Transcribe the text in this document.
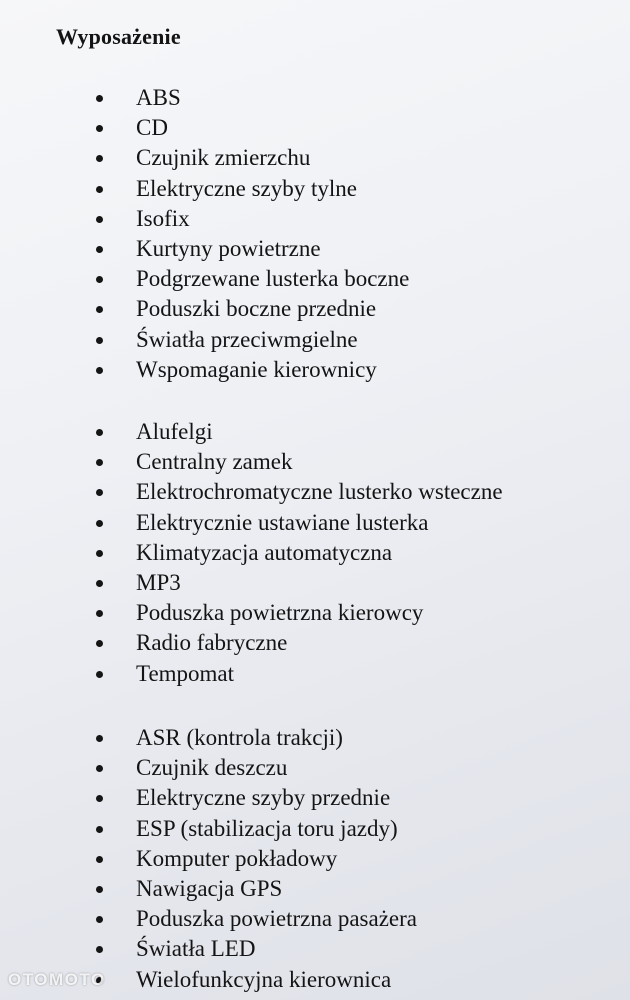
Wyposażenie
ABS
CD
Czujnik zmierzchu
Elektryczne szyby tylne
Isofix
Kurtyny powietrzne
Podgrzewane lusterka boczne
Poduszki boczne przednie
Światła przeciwmgielne
Wspomaganie kierownicy
Alufelgi
Centralny zamek
Elektrochromatyczne lusterko wsteczne
Elektrycznie ustawiane lusterka
Klimatyzacja automatyczna
MP3
Poduszka powietrzna kierowcy
Radio fabryczne
Tempomat
ASR (kontrola trakcji)
Czujnik deszczu
Elektryczne szyby przednie
ESP (stabilizacja toru jazdy)
Komputer pokładowy
Nawigacja GPS
Poduszka powietrzna pasażera
Światła LED
Wielofunkcyjna kierownica
OTOMOTO
